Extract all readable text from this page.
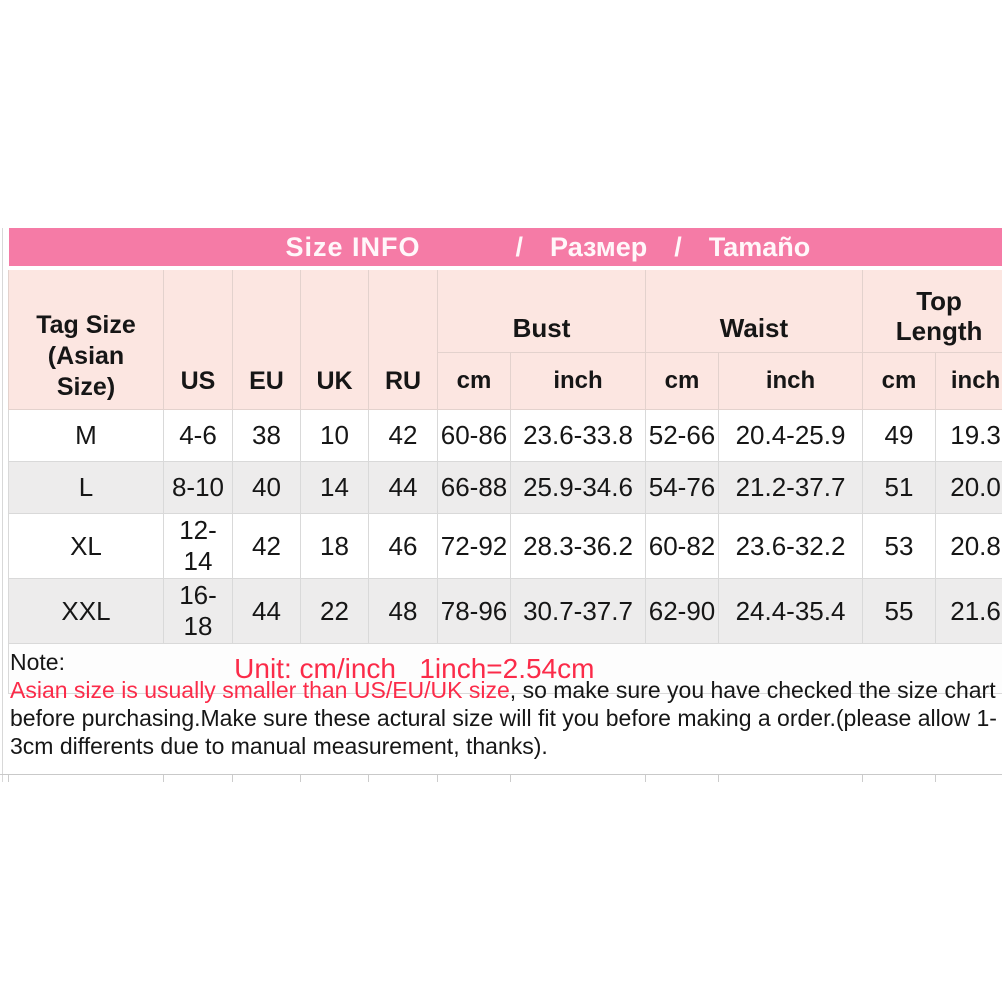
Size INFO /  Размер  /  Tamaño										

Tag Size (Asian Size)	US	EU	UK	RU	Bust		Waist		Top Length	
					cm	inch	cm	inch	cm	inch
M	4-6	38	10	42	60-86	23.6-33.8	52-66	20.4-25.9	49	19.3
L	8-10	40	14	44	66-88	25.9-34.6	54-76	21.2-37.7	51	20.0
XL	12-14	42	18	46	72-92	28.3-36.2	60-82	23.6-32.2	53	20.8
XXL	16-18	44	22	48	78-96	30.7-37.7	62-90	24.4-35.4	55	21.6

Unit: cm/inch   1inch=2.54cm										
Note:
Asian size is usually smaller than US/EU/UK size, so make sure you have checked the size chart before purchasing.Make sure these actural size will fit you before making a order.(please allow 1-3cm differents due to manual measurement, thanks).
